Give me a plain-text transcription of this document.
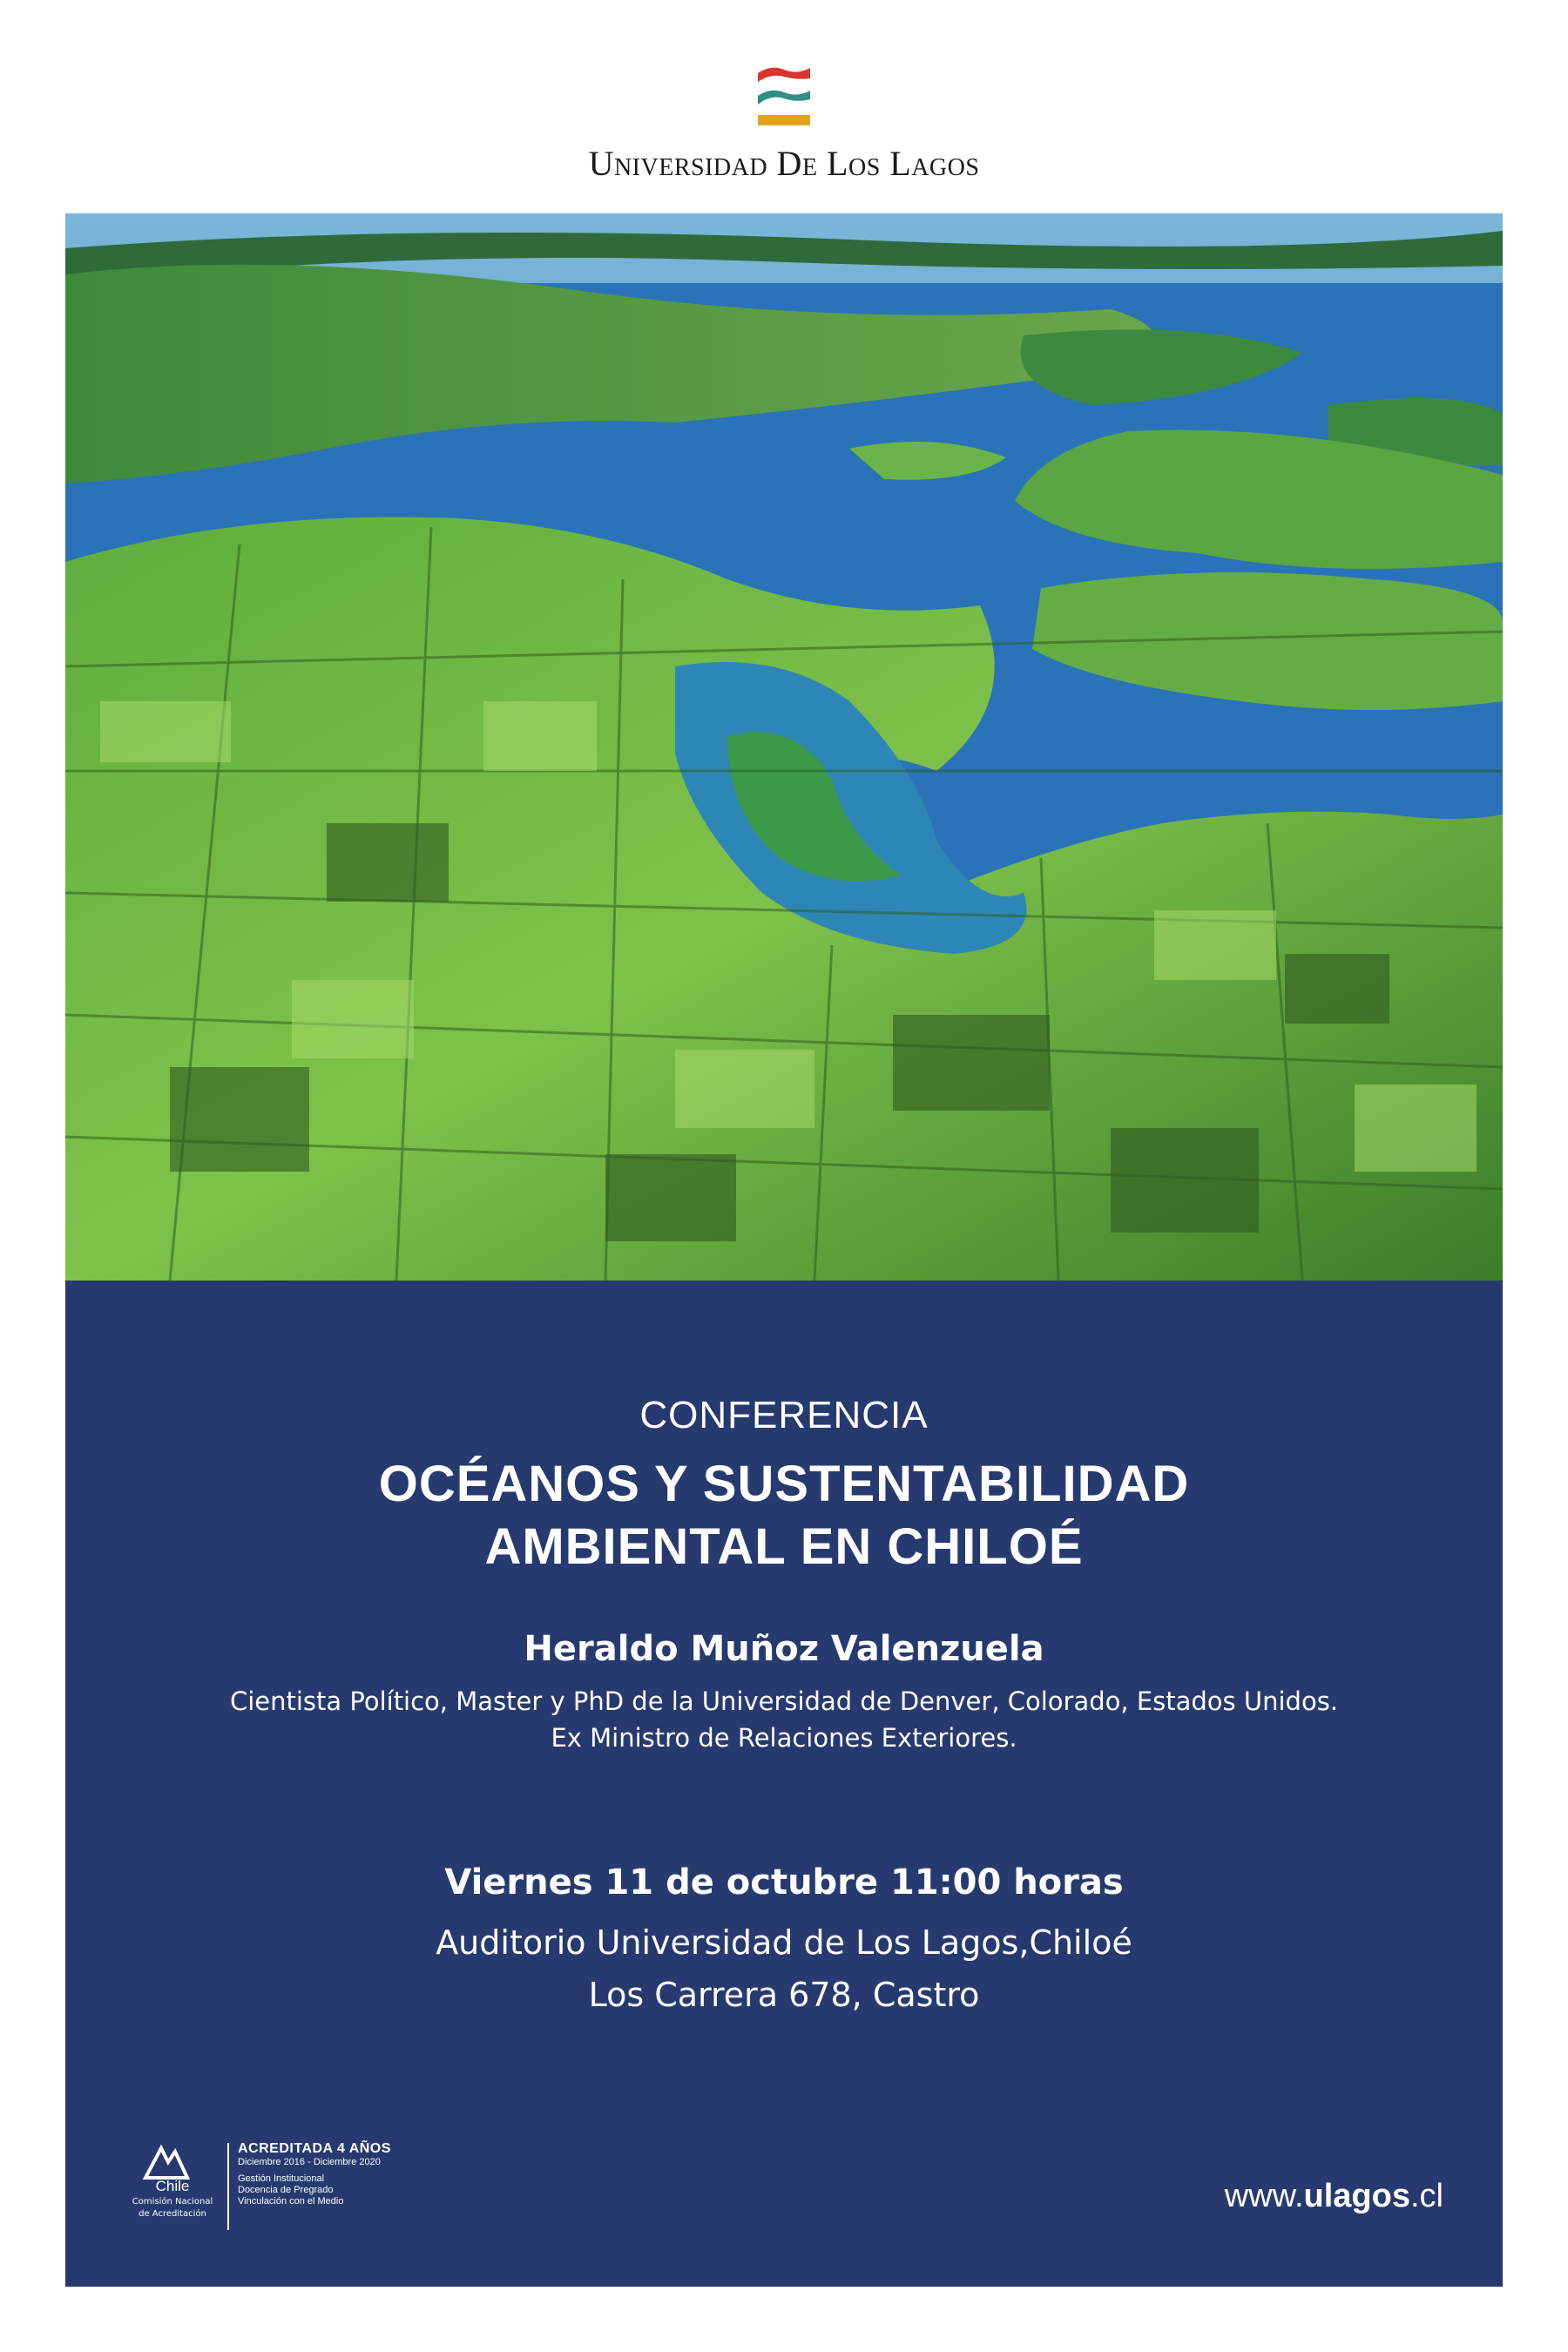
Universidad De Los Lagos
CONFERENCIA
OCÉANOS Y SUSTENTABILIDAD
AMBIENTAL EN CHILOÉ
Heraldo Muñoz Valenzuela
Cientista Político, Master y PhD de la Universidad de Denver, Colorado, Estados Unidos.
Ex Ministro de Relaciones Exteriores.
Viernes 11 de octubre 11:00 horas
Auditorio Universidad de Los Lagos,Chiloé
Los Carrera 678, Castro
Chile
Comisión Nacional
de Acreditación
ACREDITADA 4 AÑOS
Diciembre 2016 - Diciembre 2020
Gestión Institucional
Docencia de Pregrado
Vinculación con el Medio	www.ulagos.cl
